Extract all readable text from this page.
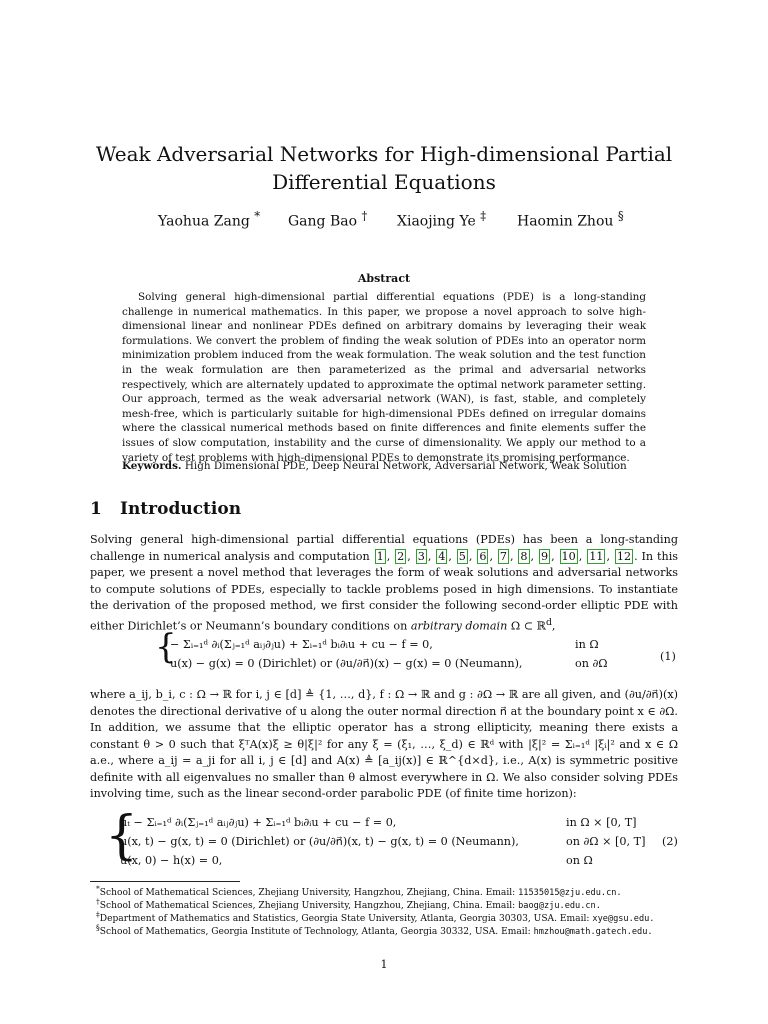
Weak Adversarial Networks for High-dimensional Partial
Differential Equations
Yaohua Zang * Gang Bao † Xiaojing Ye ‡ Haomin Zhou §
Abstract

Solving general high-dimensional partial differential equations (PDE) is a long-standing challenge in numerical mathematics. In this paper, we propose a novel approach to solve high-dimensional linear and nonlinear PDEs defined on arbitrary domains by leveraging their weak formulations. We convert the problem of finding the weak solution of PDEs into an operator norm minimization problem induced from the weak formulation. The weak solution and the test function in the weak formulation are then parameterized as the primal and adversarial networks respectively, which are alternately updated to approximate the optimal network parameter setting. Our approach, termed as the weak adversarial network (WAN), is fast, stable, and completely mesh-free, which is particularly suitable for high-dimensional PDEs defined on irregular domains where the classical numerical methods based on finite differences and finite elements suffer the issues of slow computation, instability and the curse of dimensionality. We apply our method to a variety of test problems with high-dimensional PDEs to demonstrate its promising performance.

Keywords. High Dimensional PDE, Deep Neural Network, Adversarial Network, Weak Solution
1 Introduction

Solving general high-dimensional partial differential equations (PDEs) has been a long-standing challenge in numerical analysis and computation 1 , 2 , 3 , 4 , 5 , 6 , 7 , 8 , 9 , 10 , 11 , 12 . In this paper, we present a novel method that leverages the form of weak solutions and adversarial networks to compute solutions of PDEs, especially to tackle problems posed in high dimensions. To instantiate the derivation of the proposed method, we first consider the following second-order elliptic PDE with either Dirichlet’s or Neumann’s boundary conditions on arbitrary domain Ω ⊂ ℝ$^d$,

{
− Σᵢ₌₁ᵈ ∂ᵢ(Σⱼ₌₁ᵈ aᵢⱼ∂ⱼu) + Σᵢ₌₁ᵈ bᵢ∂ᵢu + cu − f = 0,	in Ω
u(x) − g(x) = 0 (Dirichlet) or (∂u/∂n⃗)(x) − g(x) = 0 (Neumann),	on ∂Ω
(1)

where a_ij, b_i, c : Ω → ℝ for i, j ∈ [d] ≜ {1, …, d}, f : Ω → ℝ and g : ∂Ω → ℝ are all given, and (∂u/∂n⃗)(x) denotes the directional derivative of u along the outer normal direction n⃗ at the boundary point x ∈ ∂Ω. In addition, we assume that the elliptic operator has a strong ellipticity, meaning there exists a constant θ > 0 such that ξᵀA(x)ξ ≥ θ|ξ|² for any ξ = (ξ₁, …, ξ_d) ∈ ℝᵈ with |ξ|² = Σᵢ₌₁ᵈ |ξᵢ|² and x ∈ Ω a.e., where a_ij = a_ji for all i, j ∈ [d] and A(x) ≜ [a_ij(x)] ∈ ℝ^{d×d}, i.e., A(x) is symmetric positive definite with all eigenvalues no smaller than θ almost everywhere in Ω. We also consider solving PDEs involving time, such as the linear second-order parabolic PDE (of finite time horizon):

{
uₜ − Σᵢ₌₁ᵈ ∂ᵢ(Σⱼ₌₁ᵈ aᵢⱼ∂ⱼu) + Σᵢ₌₁ᵈ bᵢ∂ᵢu + cu − f = 0,	in Ω × [0, T]
u(x, t) − g(x, t) = 0 (Dirichlet) or (∂u/∂n⃗)(x, t) − g(x, t) = 0 (Neumann),	on ∂Ω × [0, T]
u(x, 0) − h(x) = 0,	on Ω
(2)
*School of Mathematical Sciences, Zhejiang University, Hangzhou, Zhejiang, China. Email: 11535015@zju.edu.cn.
†School of Mathematical Sciences, Zhejiang University, Hangzhou, Zhejiang, China. Email: baog@zju.edu.cn.
‡Department of Mathematics and Statistics, Georgia State University, Atlanta, Georgia 30303, USA. Email: xye@gsu.edu.
§School of Mathematics, Georgia Institute of Technology, Atlanta, Georgia 30332, USA. Email: hmzhou@math.gatech.edu.
1
